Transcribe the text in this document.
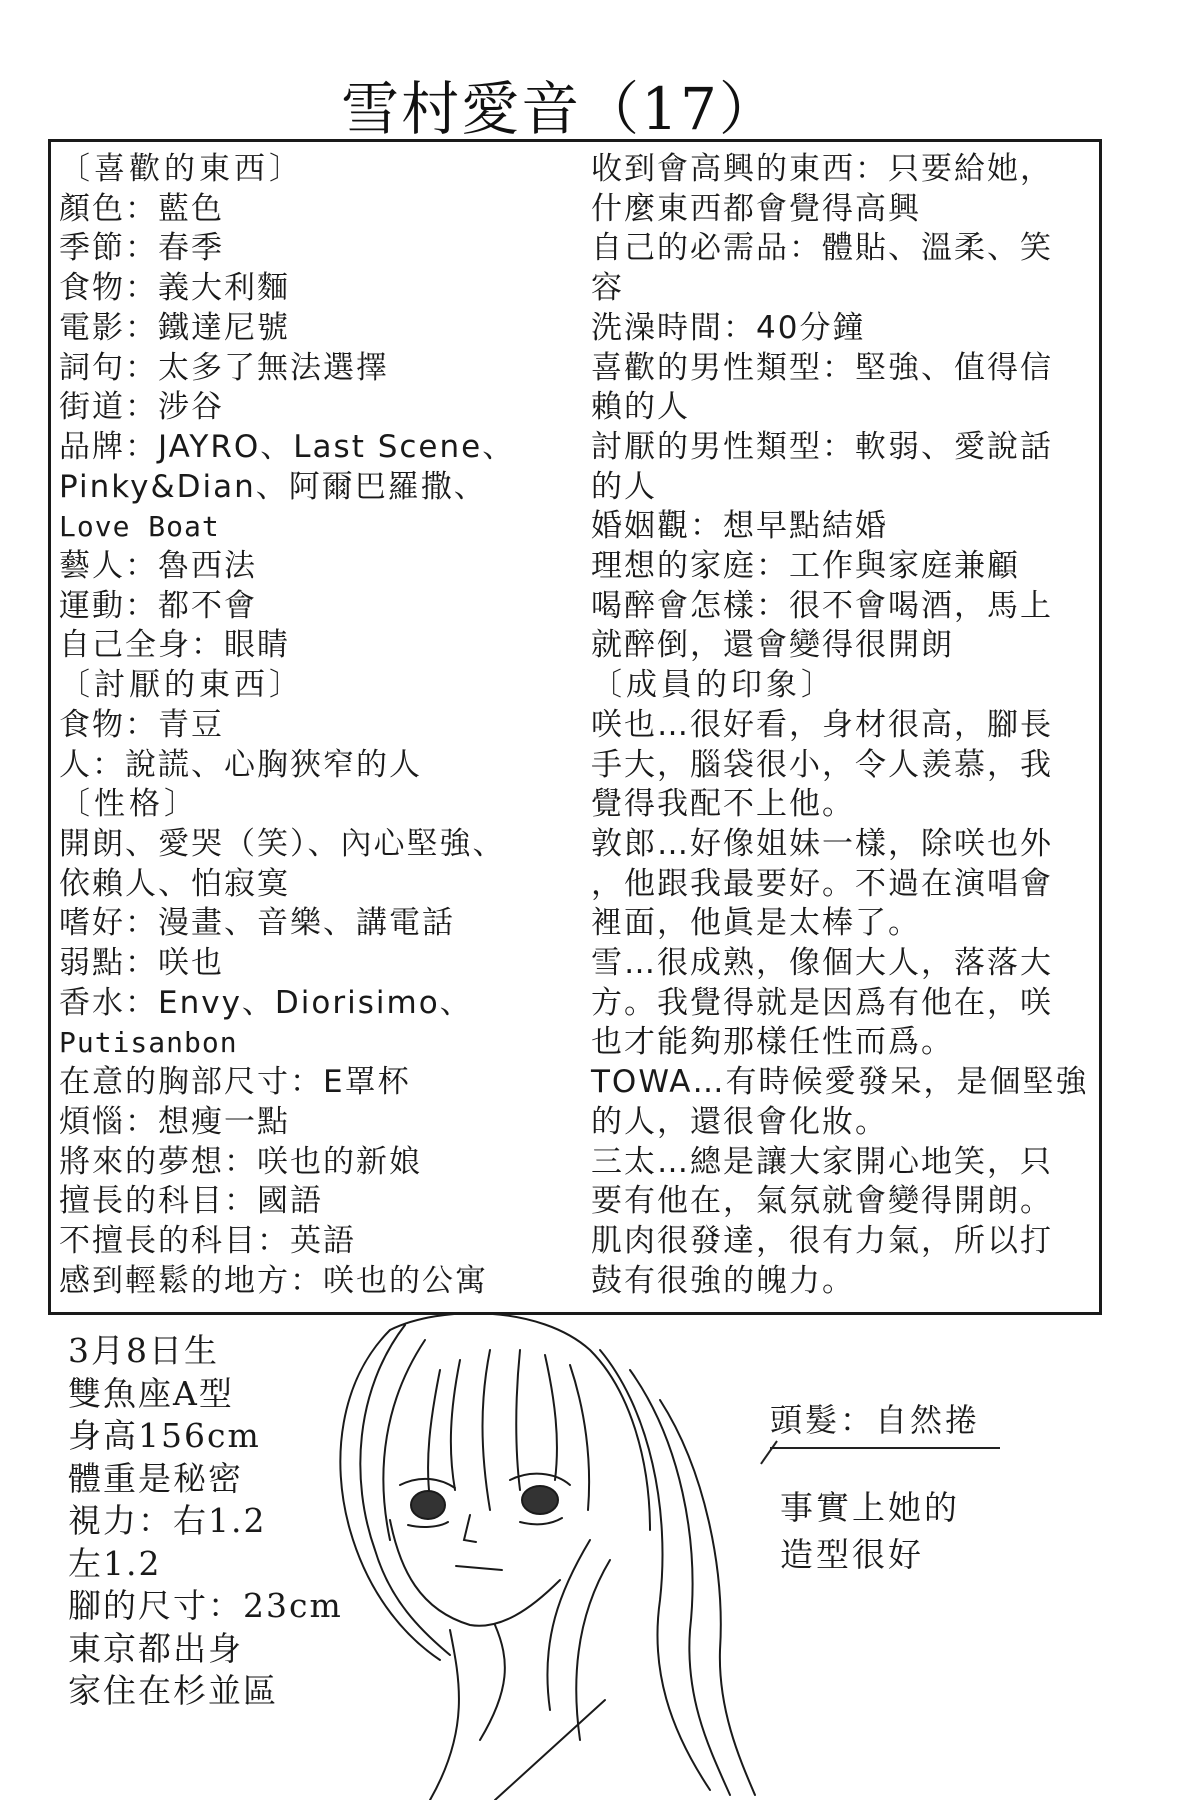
雪村愛音（17）
〔喜歡的東西〕
顏色：藍色
季節：春季
食物：義大利麵
電影：鐵達尼號
詞句：太多了無法選擇
街道：涉谷
品牌：JAYRO、Last Scene、
Pinky&Dian、阿爾巴羅撒、
Love Boat
藝人：魯西法
運動：都不會
自己全身：眼睛
〔討厭的東西〕
食物：青豆
人：說謊、心胸狹窄的人
〔性格〕
開朗、愛哭（笑）、內心堅強、
依賴人、怕寂寞
嗜好：漫畫、音樂、講電話
弱點：咲也
香水：Envy、Diorisimo、
Putisanbon
在意的胸部尺寸：E罩杯
煩惱：想瘦一點
將來的夢想：咲也的新娘
擅長的科目：國語
不擅長的科目：英語
感到輕鬆的地方：咲也的公寓
收到會高興的東西：只要給她，
什麼東西都會覺得高興
自己的必需品：體貼、溫柔、笑
容
洗澡時間：40分鐘
喜歡的男性類型：堅強、值得信
賴的人
討厭的男性類型：軟弱、愛說話
的人
婚姻觀：想早點結婚
理想的家庭：工作與家庭兼顧
喝醉會怎樣：很不會喝酒，馬上
就醉倒，還會變得很開朗
〔成員的印象〕
咲也…很好看，身材很高，腳長
手大，腦袋很小，令人羨慕，我
覺得我配不上他。
敦郎…好像姐妹一樣，除咲也外
，他跟我最要好。不過在演唱會
裡面，他眞是太棒了。
雪…很成熟，像個大人，落落大
方。我覺得就是因爲有他在，咲
也才能夠那樣任性而爲。
TOWA…有時候愛發呆，是個堅強
的人，還很會化妝。
三太…總是讓大家開心地笑，只
要有他在，氣氛就會變得開朗。
肌肉很發達，很有力氣，所以打
鼓有很強的魄力。
3月8日生
雙魚座A型
身高156cm
體重是秘密
視力：右1.2
左1.2
腳的尺寸：23cm
東京都出身
家住在杉並區
頭髮：自然捲
事實上她的
造型很好
